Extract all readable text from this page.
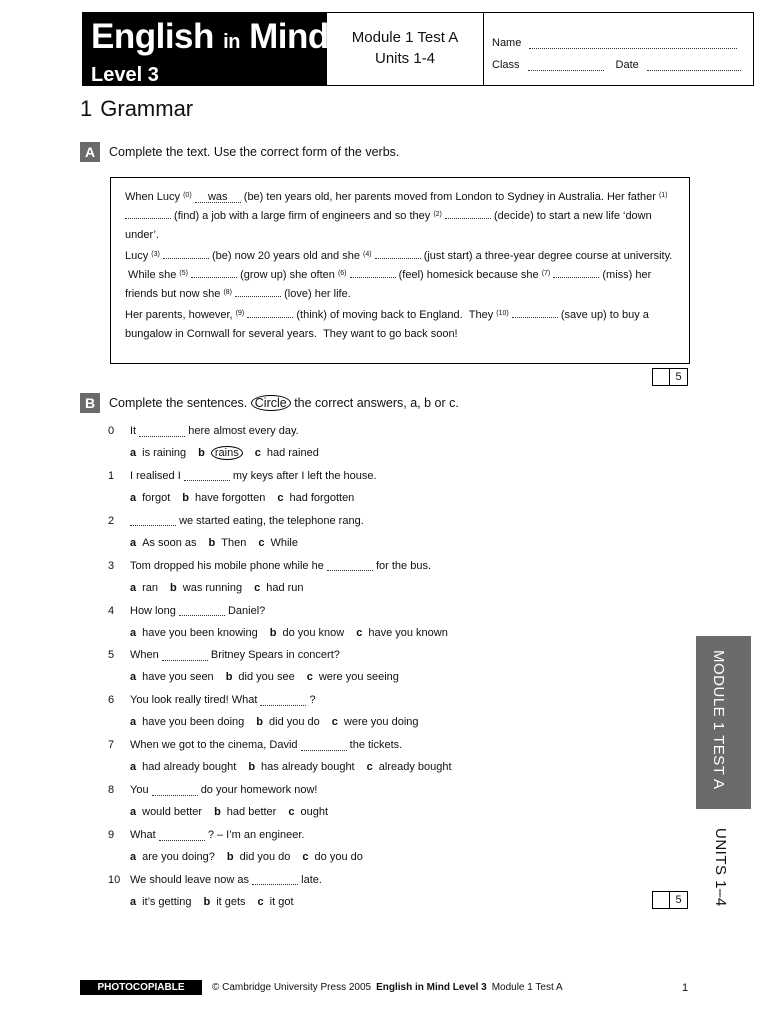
English in Mind
Level 3
Module 1 Test A
Units 1-4
Name
Class	Date
1 Grammar
A	Complete the text. Use the correct form of the verbs.

When Lucy $^{(0)}$ was (be) ten years old, her parents moved from London to Sydney in Australia. Her father $^{(1)}$  (find) a job with a large firm of engineers and so they $^{(2)}$	(decide) to start a new life ‘down under’.

Lucy $^{(3)}$	(be) now 20 years old and she $^{(4)}$	(just start) a three-year degree course at university.  While she $^{(5)}$	(grow up) she often $^{(6)}$	(feel) homesick because she $^{(7)}$	(miss) her friends but now she $^{(8)}$	(love) her life.

Her parents, however, $^{(9)}$	(think) of moving back to England.  They $^{(10)}$	(save up) to buy a bungalow in Cornwall for several years.  They want to go back soon!

5
B	Complete the sentences. Circle the correct answers, a, b or c.
0	It

	here almost every day.
a is raining b rains	c had rained
1	I realised I

	my keys after I left the house.
a forgot b have forgotten c had forgotten
2
	we started eating, the telephone rang.
a As soon as b Then c While
3	Tom dropped his mobile phone while he

	for the bus.
a ran b was running c had run
4	How long

	Daniel?
a have you been knowing b do you know c have you known
5	When

	Britney Spears in concert?
a have you seen b did you see c were you seeing
6	You look really tired! What

	?
a have you been doing b did you do c were you doing
7	When we got to the cinema, David

	the tickets.
a had already bought b has already bought c already bought
8	You

	do your homework now!
a would better b had better c ought
9	What

	? – I’m an engineer.
a are you doing? b did you do c do you do
10 We should leave now as

	late.
a it’s getting b it gets c it got	5
MODULE 1 TEST A
UNITS 1–4
PHOTOCOPIABLE	© Cambridge University Press 2005 English in Mind Level 3 Module 1 Test A	1
